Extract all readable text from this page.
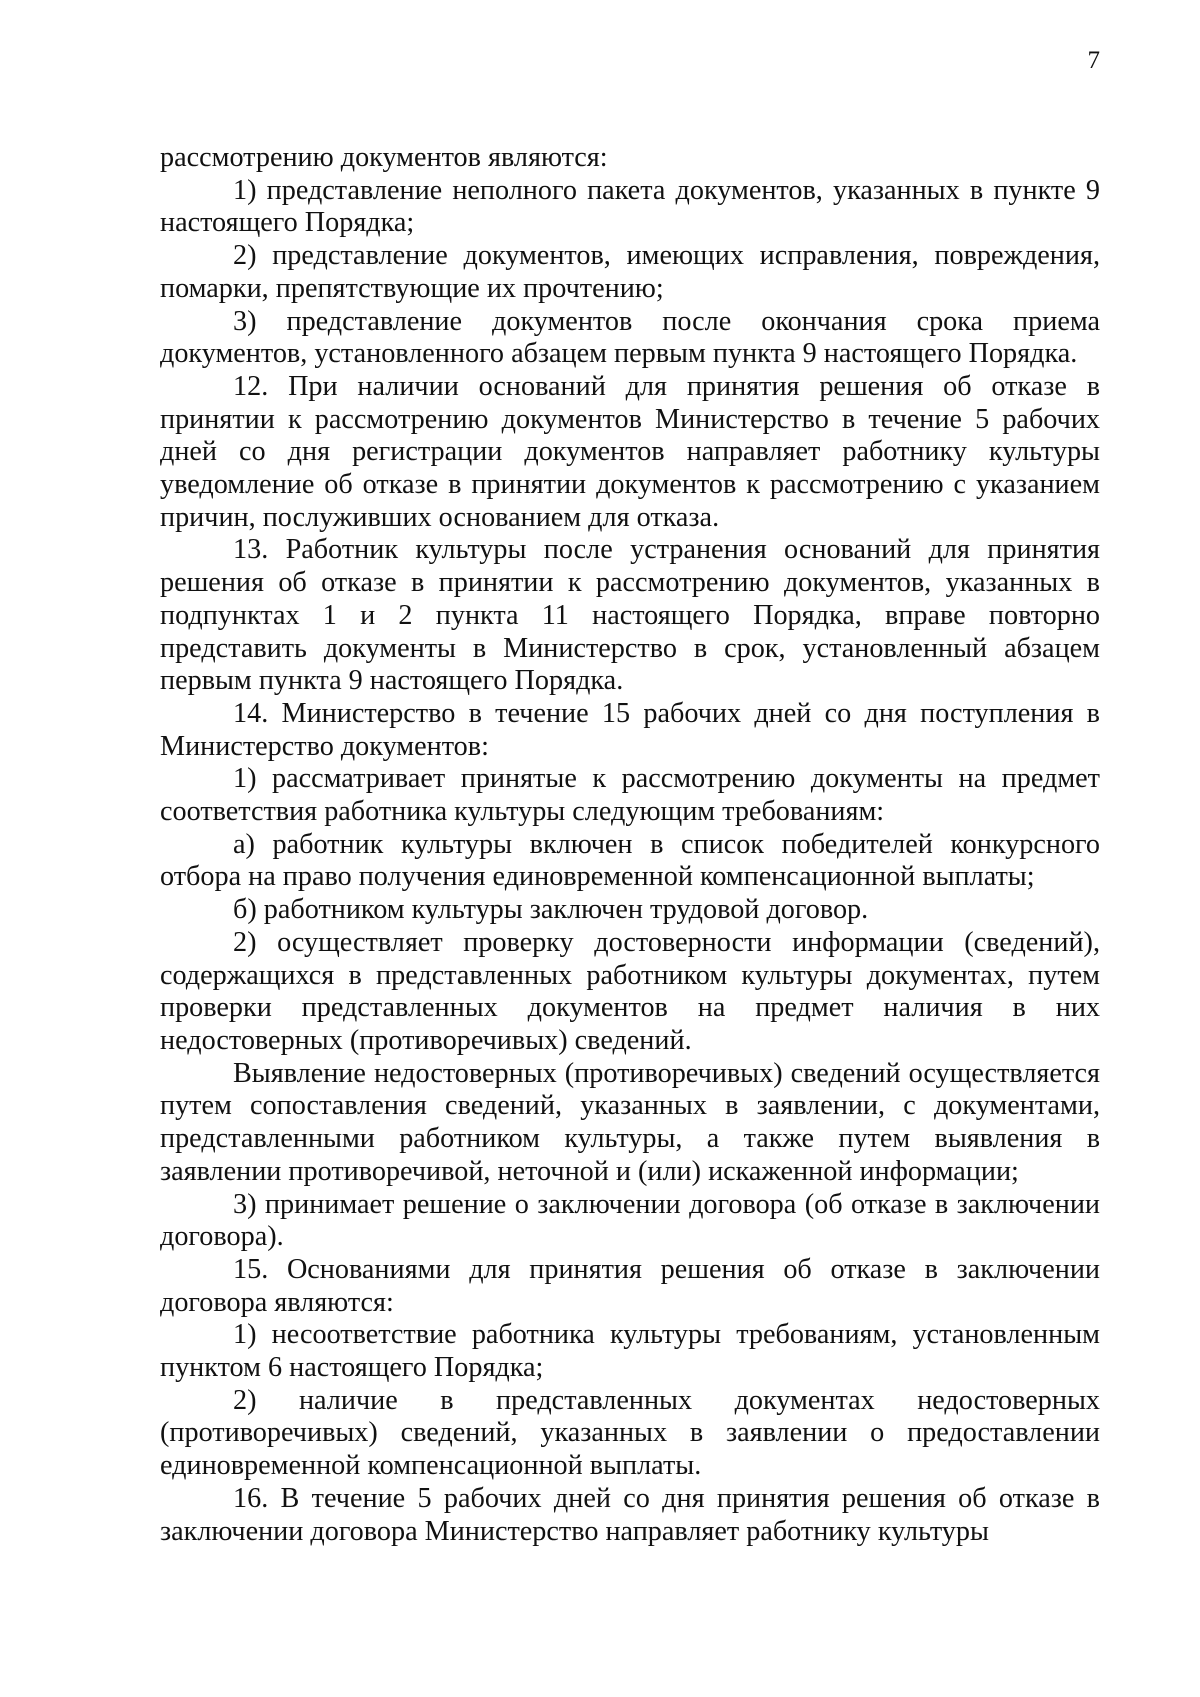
7

рассмотрению документов являются:

1) представление неполного пакета документов, указанных в пункте 9 настоящего Порядка;

2) представление документов, имеющих исправления, повреждения, помарки, препятствующие их прочтению;

3) представление документов после окончания срока приема документов, установленного абзацем первым пункта 9 настоящего Порядка.

12. При наличии оснований для принятия решения об отказе в принятии к рассмотрению документов Министерство в течение 5 рабочих дней со дня регистрации документов направляет работнику культуры уведомление об отказе в принятии документов к рассмотрению с указанием причин, послуживших основанием для отказа.

13. Работник культуры после устранения оснований для принятия решения об отказе в принятии к рассмотрению документов, указанных в подпунктах 1 и 2 пункта 11 настоящего Порядка, вправе повторно представить документы в Министерство в срок, установленный абзацем первым пункта 9 настоящего Порядка.

14. Министерство в течение 15 рабочих дней со дня поступления в Министерство документов:

1) рассматривает принятые к рассмотрению документы на предмет соответствия работника культуры следующим требованиям:

а) работник культуры включен в список победителей конкурсного отбора на право получения единовременной компенсационной выплаты;

б) работником культуры заключен трудовой договор.

2) осуществляет проверку достоверности информации (сведений), содержащихся в представленных работником культуры документах, путем проверки представленных документов на предмет наличия в них недостоверных (противоречивых) сведений.

Выявление недостоверных (противоречивых) сведений осуществляется путем сопоставления сведений, указанных в заявлении, с документами, представленными работником культуры, а также путем выявления в заявлении противоречивой, неточной и (или) искаженной информации;

3) принимает решение о заключении договора (об отказе в заключении договора).

15. Основаниями для принятия решения об отказе в заключении договора являются:

1) несоответствие работника культуры требованиям, установленным пунктом 6 настоящего Порядка;

2) наличие в представленных документах недостоверных (противоречивых) сведений, указанных в заявлении о предоставлении единовременной компенсационной выплаты.

16. В течение 5 рабочих дней со дня принятия решения об отказе в заключении договора Министерство направляет работнику культуры
